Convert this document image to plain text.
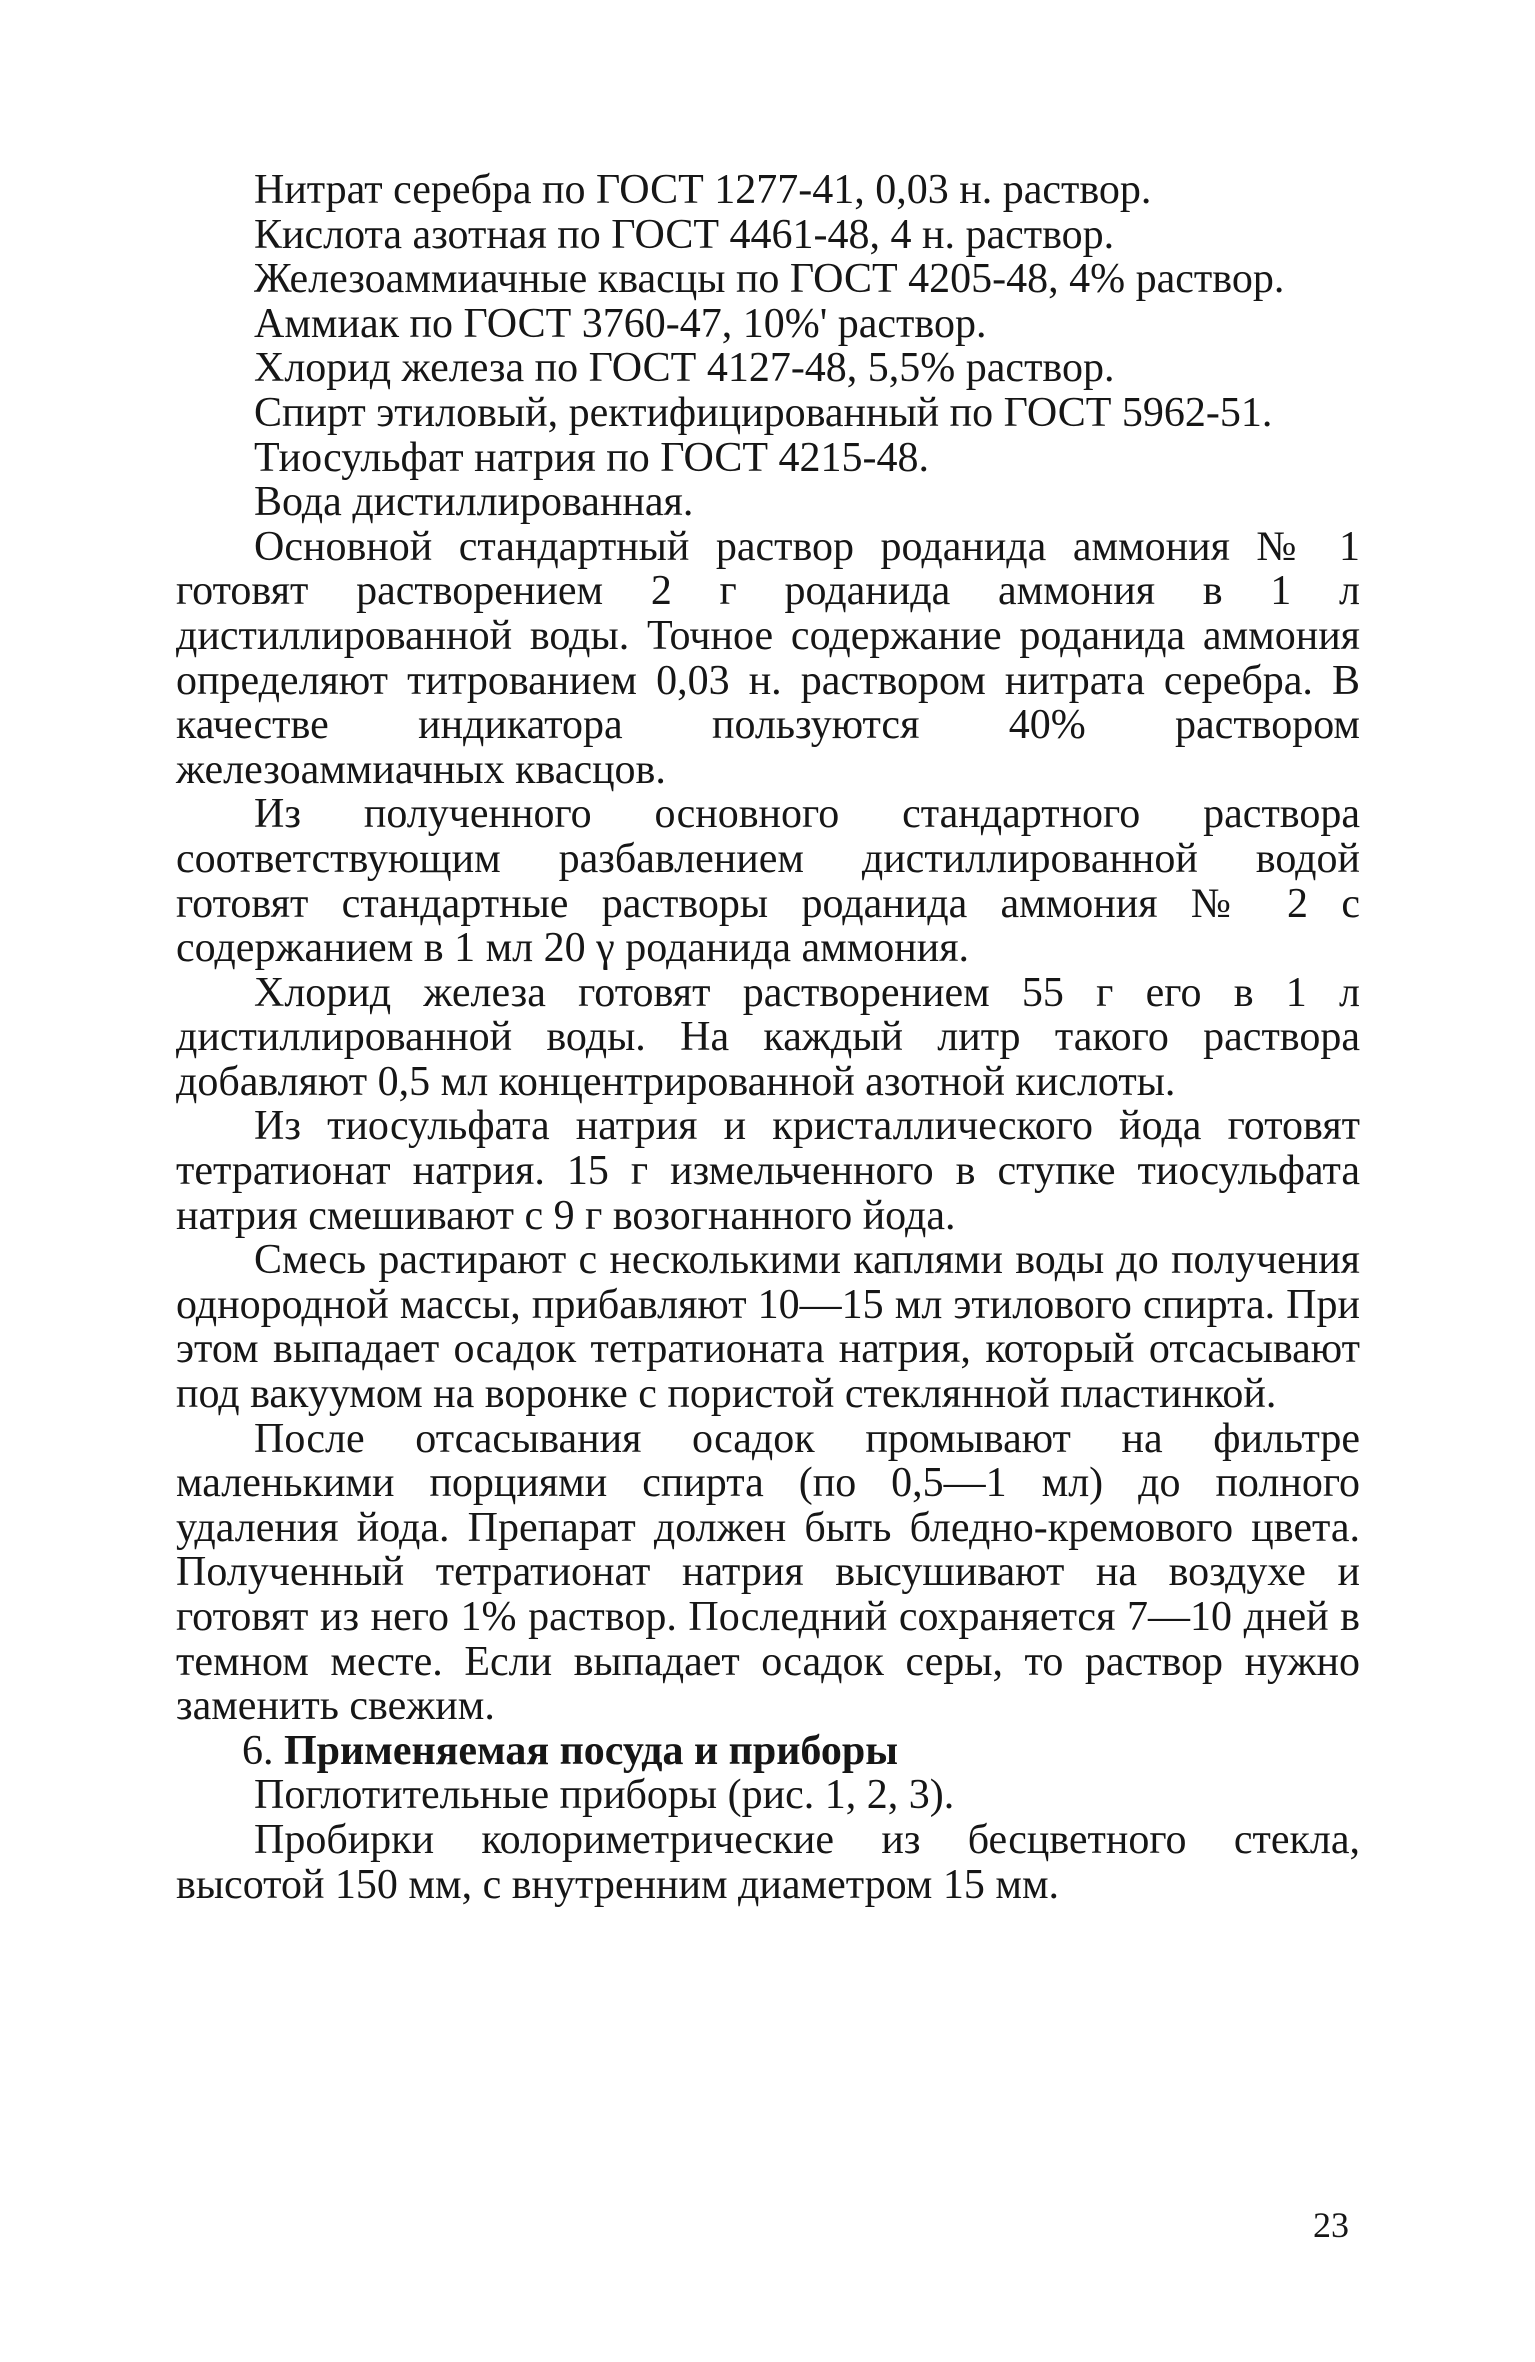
Нитрат серебра по ГОСТ 1277-41, 0,03 н. раствор.

Кислота азотная по ГОСТ 4461-48, 4 н. раствор.

Железоаммиачные квасцы по ГОСТ 4205-48, 4% раствор.

Аммиак по ГОСТ 3760-47, 10%' раствор.

Хлорид железа по ГОСТ 4127-48, 5,5% раствор.

Спирт этиловый, ректифицированный по ГОСТ 5962-51.

Тиосульфат натрия по ГОСТ 4215-48.

Вода дистиллированная.

Основной стандартный раствор роданида аммония № 1 готовят растворением 2 г роданида аммония в 1 л дистиллированной воды. Точное содержание роданида аммония определяют титрованием 0,03 н. раствором нитрата серебра. В качестве индикатора пользуются 40% раствором железоаммиачных квасцов.

Из полученного основного стандартного раствора соответствующим разбавлением дистиллированной водой готовят стандартные растворы роданида аммония № 2 с содержанием в 1 мл 20 γ роданида аммония.

Хлорид железа готовят растворением 55 г его в 1 л дистиллированной воды. На каждый литр такого раствора добавляют 0,5 мл концентрированной азотной кислоты.

Из тиосульфата натрия и кристаллического йода готовят тетратионат натрия. 15 г измельченного в ступке тиосульфата натрия смешивают с 9 г возогнанного йода.

Смесь растирают с несколькими каплями воды до получения однородной массы, прибавляют 10—15 мл этилового спирта. При этом выпадает осадок тетратионата натрия, который отсасывают под вакуумом на воронке с пористой стеклянной пластинкой.

После отсасывания осадок промывают на фильтре маленькими порциями спирта (по 0,5—1 мл) до полного удаления йода. Препарат должен быть бледно-кремового цвета. Полученный тетратионат натрия высушивают на воздухе и готовят из него 1% раствор. Последний сохраняется 7—10 дней в темном месте. Если выпадает осадок серы, то раствор нужно заменить свежим.

6. Применяемая посуда и приборы

Поглотительные приборы (рис. 1, 2, 3).

Пробирки колориметрические из бесцветного стекла, высотой 150 мм, с внутренним диаметром 15 мм.

23
